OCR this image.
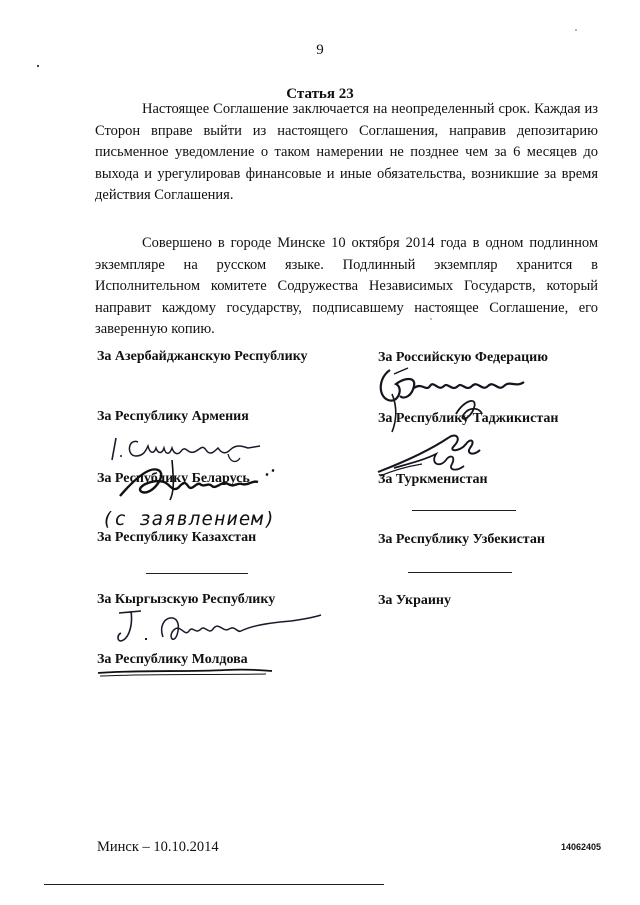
9
Статья 23
Настоящее Соглашение заключается на неопределенный срок. Каждая из Сторон вправе выйти из настоящего Соглашения, направив депозитарию письменное уведомление о таком намерении не позднее чем за 6 месяцев до выхода и урегулировав финансовые и иные обязательства, возникшие за время действия Соглашения.
Совершено в городе Минске 10 октября 2014 года в одном подлинном экземпляре на русском языке. Подлинный экземпляр хранится в Исполнительном комитете Содружества Независимых Государств, который направит каждому государству, подписавшему настоящее Соглашение, его заверенную копию.
За Азербайджанскую Республику
За Республику Армения
За Республику Беларусь
(с заявлением)
За Республику Казахстан
За Кыргызскую Республику
За Республику Молдова
За Российскую Федерацию
За Республику Таджикистан
За Туркменистан
За Республику Узбекистан
За Украину
Минск – 10.10.2014	14062405
